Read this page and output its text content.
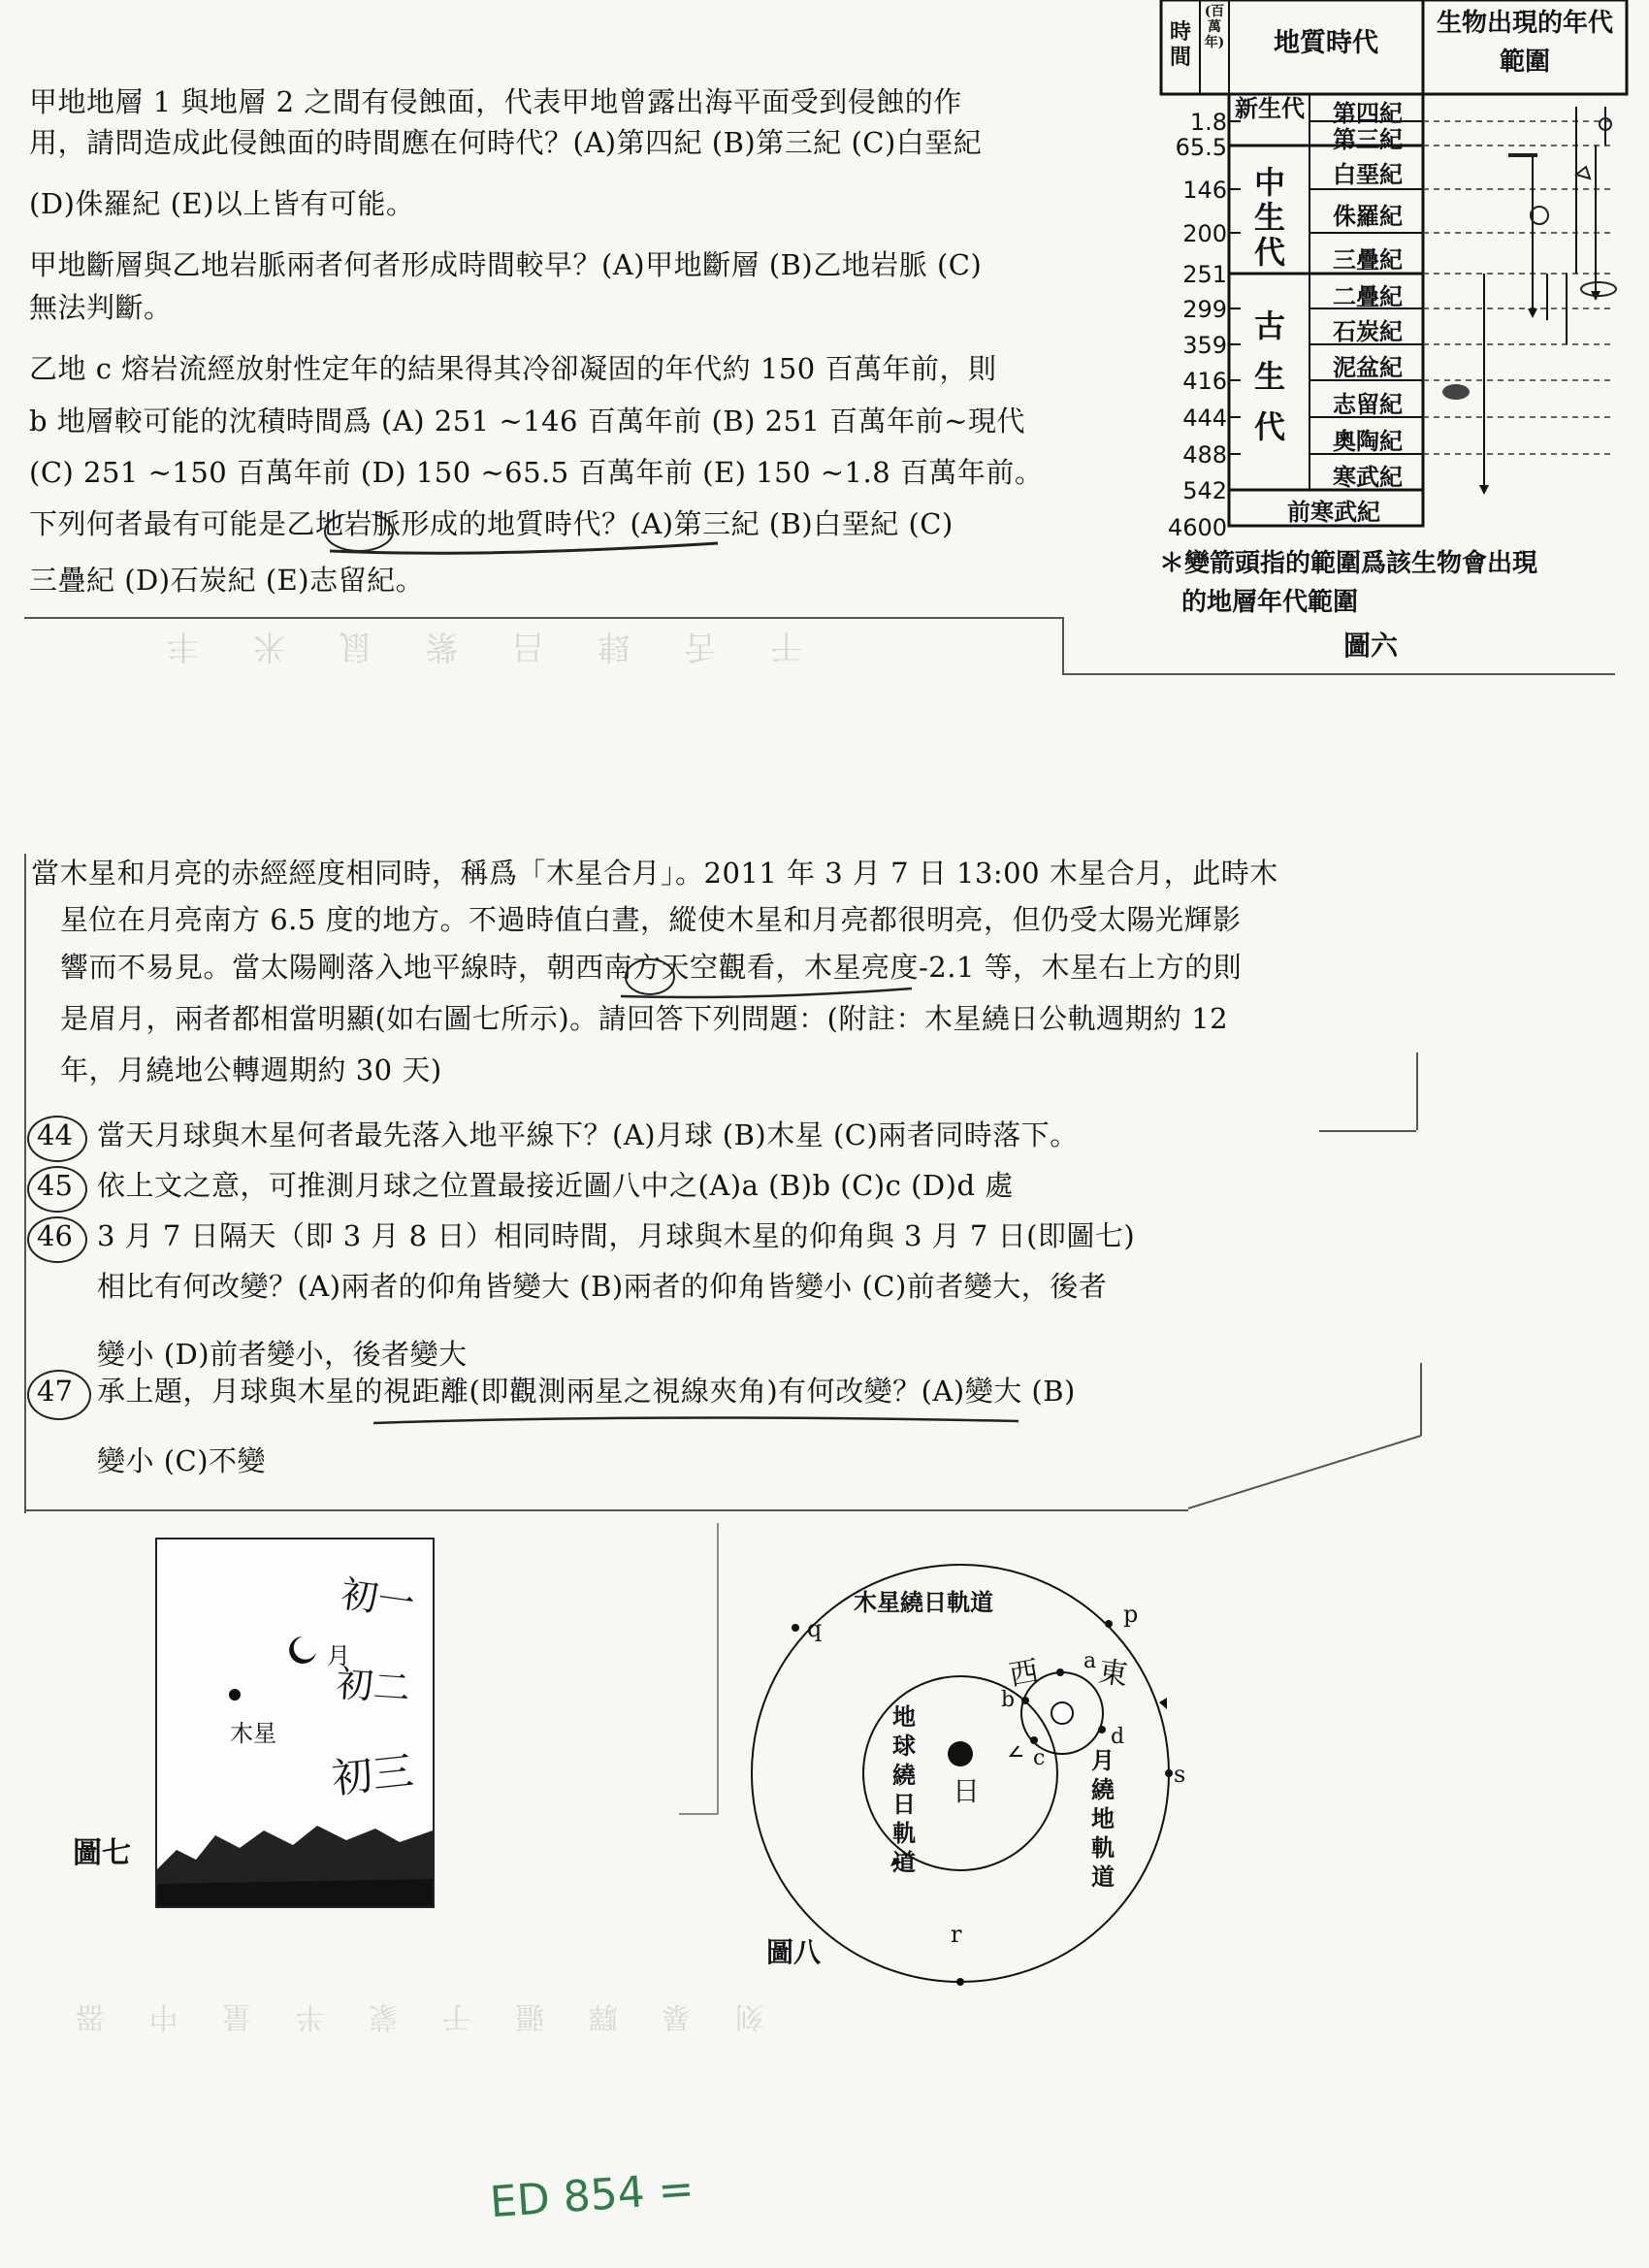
甲地地層 1 與地層 2 之間有侵蝕面，代表甲地曾露出海平面受到侵蝕的作
用，請問造成此侵蝕面的時間應在何時代？(A)第四紀 (B)第三紀 (C)白堊紀
(D)侏羅紀 (E)以上皆有可能。
甲地斷層與乙地岩脈兩者何者形成時間較早？(A)甲地斷層 (B)乙地岩脈 (C)
無法判斷。
乙地 c 熔岩流經放射性定年的結果得其冷卻凝固的年代約 150 百萬年前，則
b 地層較可能的沈積時間爲 (A) 251 ~146 百萬年前 (B) 251 百萬年前~現代
(C) 251 ~150 百萬年前 (D) 150 ~65.5 百萬年前 (E) 150 ~1.8 百萬年前。
下列何者最有可能是乙地岩脈形成的地質時代？(A)第三紀 (B)白堊紀 (C)
三疊紀 (D)石炭紀 (E)志留紀。
干 舌 肆 吕 紫 鼠 米 丰
時間
(百萬年)	地質時代
生物出現的年代範圍
1.8
65.5
146
200
251
299
359
416
444
488
542
4600
新生代
中生代
古生代
第四紀
第三紀
白堊紀
侏羅紀
三疊紀
二疊紀
石炭紀
泥盆紀
志留紀
奧陶紀
寒武紀
前寒武紀
＊變箭頭指的範圍爲該生物會出現
的地層年代範圍
圖六
當木星和月亮的赤經經度相同時，稱爲「木星合月」。2011 年 3 月 7 日 13:00 木星合月，此時木
星位在月亮南方 6.5 度的地方。不過時值白晝，縱使木星和月亮都很明亮，但仍受太陽光輝影
響而不易見。當太陽剛落入地平線時，朝西南方天空觀看，木星亮度-2.1 等，木星右上方的則
是眉月，兩者都相當明顯(如右圖七所示)。請回答下列問題：(附註：木星繞日公軌週期約 12
年，月繞地公轉週期約 30 天)
44 當天月球與木星何者最先落入地平線下？(A)月球 (B)木星 (C)兩者同時落下。
45 依上文之意，可推測月球之位置最接近圖八中之(A)a (B)b (C)c (D)d 處
46 3 月 7 日隔天（即 3 月 8 日）相同時間，月球與木星的仰角與 3 月 7 日(即圖七)
相比有何改變？(A)兩者的仰角皆變大 (B)兩者的仰角皆變小 (C)前者變大，後者
變小 (D)前者變小，後者變大
47 承上題，月球與木星的視距離(即觀測兩星之視線夾角)有何改變？(A)變大 (B)
變小 (C)不變
月
木星
初一
初二
初三
圖七
木星繞日軌道
地球繞日軌道
月繞地軌道
日
p
q
r
s
a
b
c
d
西 東
圖八
刻 暴 驛 疆 于 蒙 半 量 中 器
ED 854 =
